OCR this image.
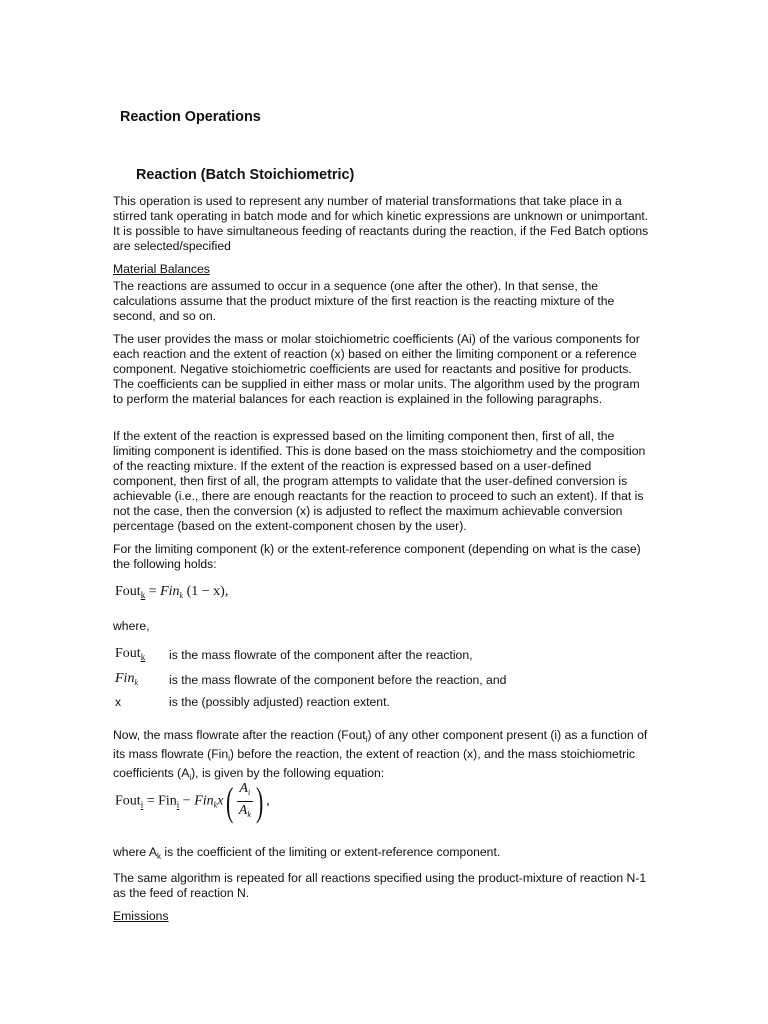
Reaction Operations
Reaction (Batch Stoichiometric)

This operation is used to represent any number of material transformations that take place in a stirred tank operating in batch mode and for which kinetic expressions are unknown or unimportant. It is possible to have simultaneous feeding of reactants during the reaction, if the Fed Batch options are selected/specified

Material Balances

The reactions are assumed to occur in a sequence (one after the other). In that sense, the calculations assume that the product mixture of the first reaction is the reacting mixture of the second, and so on.

The user provides the mass or molar stoichiometric coefficients (Ai) of the various components for each reaction and the extent of reaction (x) based on either the limiting component or a reference component. Negative stoichiometric coefficients are used for reactants and positive for products. The coefficients can be supplied in either mass or molar units. The algorithm used by the program to perform the material balances for each reaction is explained in the following paragraphs.

If the extent of the reaction is expressed based on the limiting component then, first of all, the limiting component is identified. This is done based on the mass stoichiometry and the composition of the reacting mixture. If the extent of the reaction is expressed based on a user-defined component, then first of all, the program attempts to validate that the user-defined conversion is achievable (i.e., there are enough reactants for the reaction to proceed to such an extent). If that is not the case, then the conversion (x) is adjusted to reflect the maximum achievable conversion percentage (based on the extent-component chosen by the user).

For the limiting component (k) or the extent-reference component (depending on what is the case) the following holds:

Fout$_k$ = Fin$_k$ (1 − x),

where,

Fout$_k$ is the mass flowrate of the component after the reaction,
Fin$_k$	is the mass flowrate of the component before the reaction, and
x	is the (possibly adjusted) reaction extent.

Now, the mass flowrate after the reaction (Fout$_i$) of any other component present (i) as a function of its mass flowrate (Fin$_i$) before the reaction, the extent of reaction (x), and the mass stoichiometric coefficients $(A_i)$, is given by the following equation:

Fout$_i$ = $Fin_i - Fin_kx( \frac{A_i}{A_k}$ ) ,

where $A_k$ is the coefficient of the limiting or extent-reference component.

The same algorithm is repeated for all reactions specified using the product-mixture of reaction N-1 as the feed of reaction N.

Emissions
